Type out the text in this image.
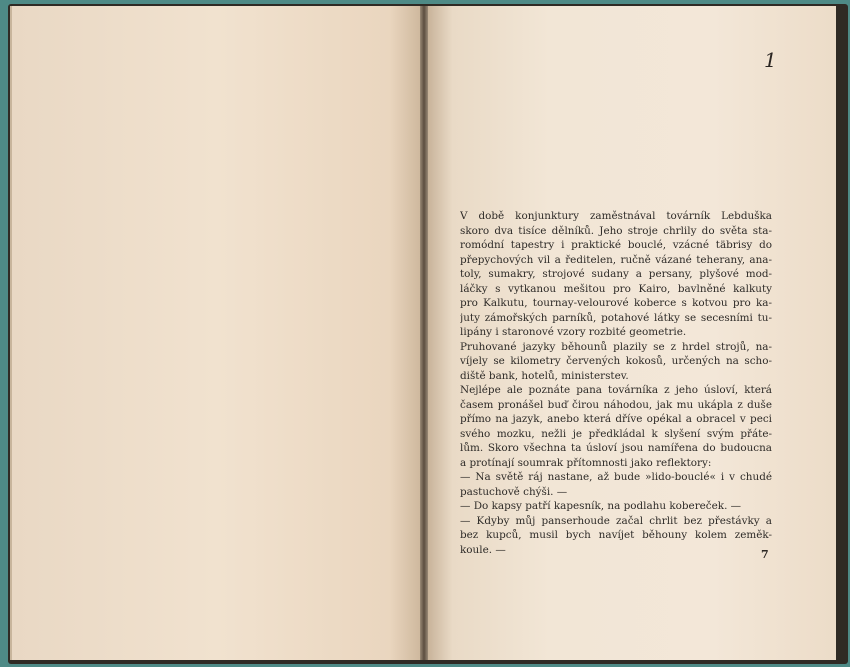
1
V době konjunktury zaměstnával továrník Lebduška
skoro dva tisíce dělníků. Jeho stroje chrlily do světa sta-
romódní tapestry i praktické bouclé, vzácné täbrisy do
přepychových vil a ředitelen, ručně vázané teherany, ana-
toly, sumakry, strojové sudany a persany, plyšové mod-
láčky s vytkanou mešitou pro Kairo, bavlněné kalkuty
pro Kalkutu, tournay-velourové koberce s kotvou pro ka-
juty zámořských parníků, potahové látky se secesními tu-
lipány i staronové vzory rozbité geometrie.
Pruhované jazyky běhounů plazily se z hrdel strojů, na-
víjely se kilometry červených kokosů, určených na scho-
diště bank, hotelů, ministerstev.
Nejlépe ale poznáte pana továrníka z jeho úsloví, která
časem pronášel buď čirou náhodou, jak mu ukápla z duše
přímo na jazyk, anebo která dříve opékal a obracel v peci
svého mozku, nežli je předkládal k slyšení svým přáte-
lům. Skoro všechna ta úsloví jsou namířena do budoucna
a protínají soumrak přítomnosti jako reflektory:
— Na světě ráj nastane, až bude »lido-bouclé« i v chudé
pastuchově chýši. —
— Do kapsy patří kapesník, na podlahu kobereček. —
— Kdyby můj panserhoude začal chrlit bez přestávky a
bez kupců, musil bych navíjet běhouny kolem zeměk-
koule. —	7
